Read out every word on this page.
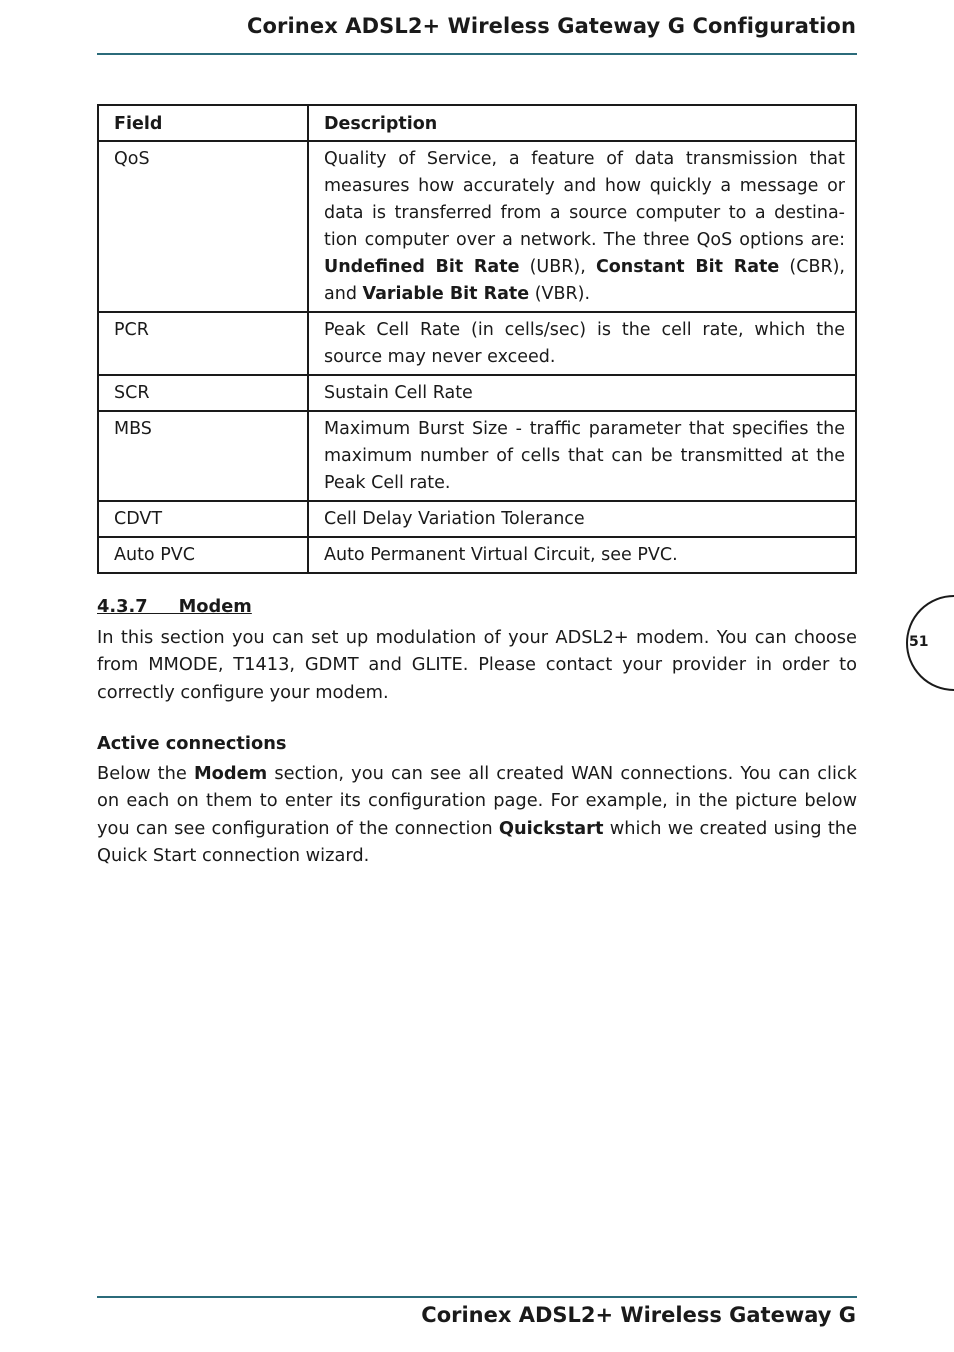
Corinex ADSL2+ Wireless Gateway G Configuration
Field	Description
QoS	Quality of Service, a feature of data transmission that measures how accurately and how quickly a message or data is transferred from a source computer to a destina-tion computer over a network. The three QoS options are: Undefined Bit Rate (UBR), Constant Bit Rate (CBR), and Variable Bit Rate (VBR).
PCR	Peak Cell Rate (in cells/sec) is the cell rate, which the source may never exceed.
SCR	Sustain Cell Rate
MBS	Maximum Burst Size - traffic parameter that specifies the maximum number of cells that can be transmitted at the Peak Cell rate.
CDVT	Cell Delay Variation Tolerance
Auto PVC	Auto Permanent Virtual Circuit, see PVC.
4.3.7     Modem
In this section you can set up modulation of your ADSL2+ modem. You can choose from MMODE, T1413, GDMT and GLITE. Please contact your provider in order to correctly configure your modem.
Active connections
Below the Modem section, you can see all created WAN connections. You can click on each on them to enter its configuration page. For example, in the picture below you can see configuration of the connection Quickstart which we created using the Quick Start connection wizard.
51
Corinex ADSL2+ Wireless Gateway G
